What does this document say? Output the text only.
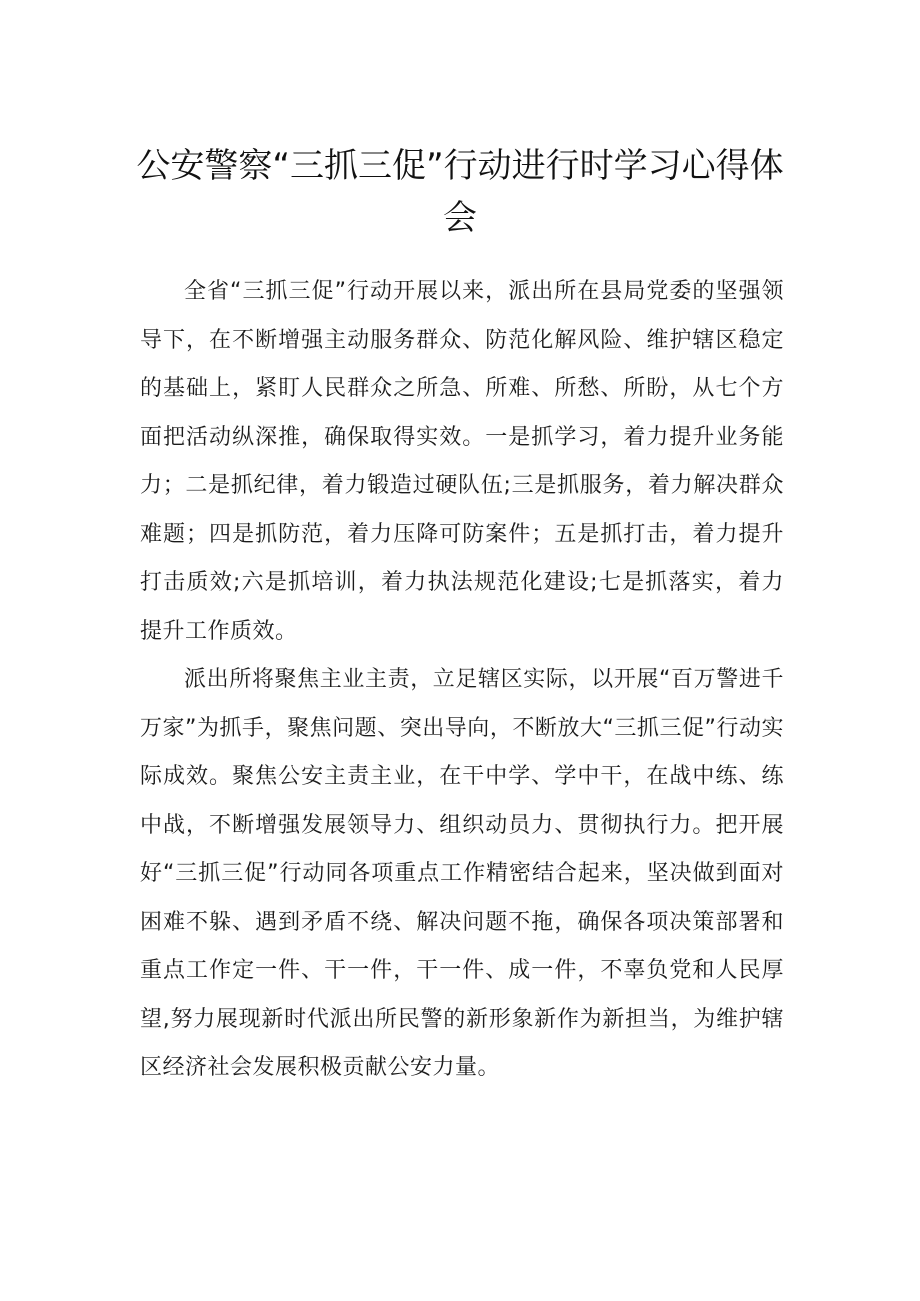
公安警察“三抓三促”行动进行时学习心得体会

全省“三抓三促”行动开展以来，派出所在县局党委的坚强领导下，在不断增强主动服务群众、防范化解风险、维护辖区稳定的基础上，紧盯人民群众之所急、所难、所愁、所盼，从七个方面把活动纵深推，确保取得实效。一是抓学习，着力提升业务能力；二是抓纪律，着力锻造过硬队伍;三是抓服务，着力解决群众难题；四是抓防范，着力压降可防案件；五是抓打击，着力提升打击质效;六是抓培训，着力执法规范化建设;七是抓落实，着力提升工作质效。

派出所将聚焦主业主责，立足辖区实际，以开展“百万警进千万家”为抓手，聚焦问题、突出导向，不断放大“三抓三促”行动实际成效。聚焦公安主责主业，在干中学、学中干，在战中练、练中战，不断增强发展领导力、组织动员力、贯彻执行力。把开展好“三抓三促”行动同各项重点工作精密结合起来，坚决做到面对困难不躲、遇到矛盾不绕、解决问题不拖，确保各项决策部署和重点工作定一件、干一件，干一件、成一件，不辜负党和人民厚望,努力展现新时代派出所民警的新形象新作为新担当，为维护辖区经济社会发展积极贡献公安力量。
